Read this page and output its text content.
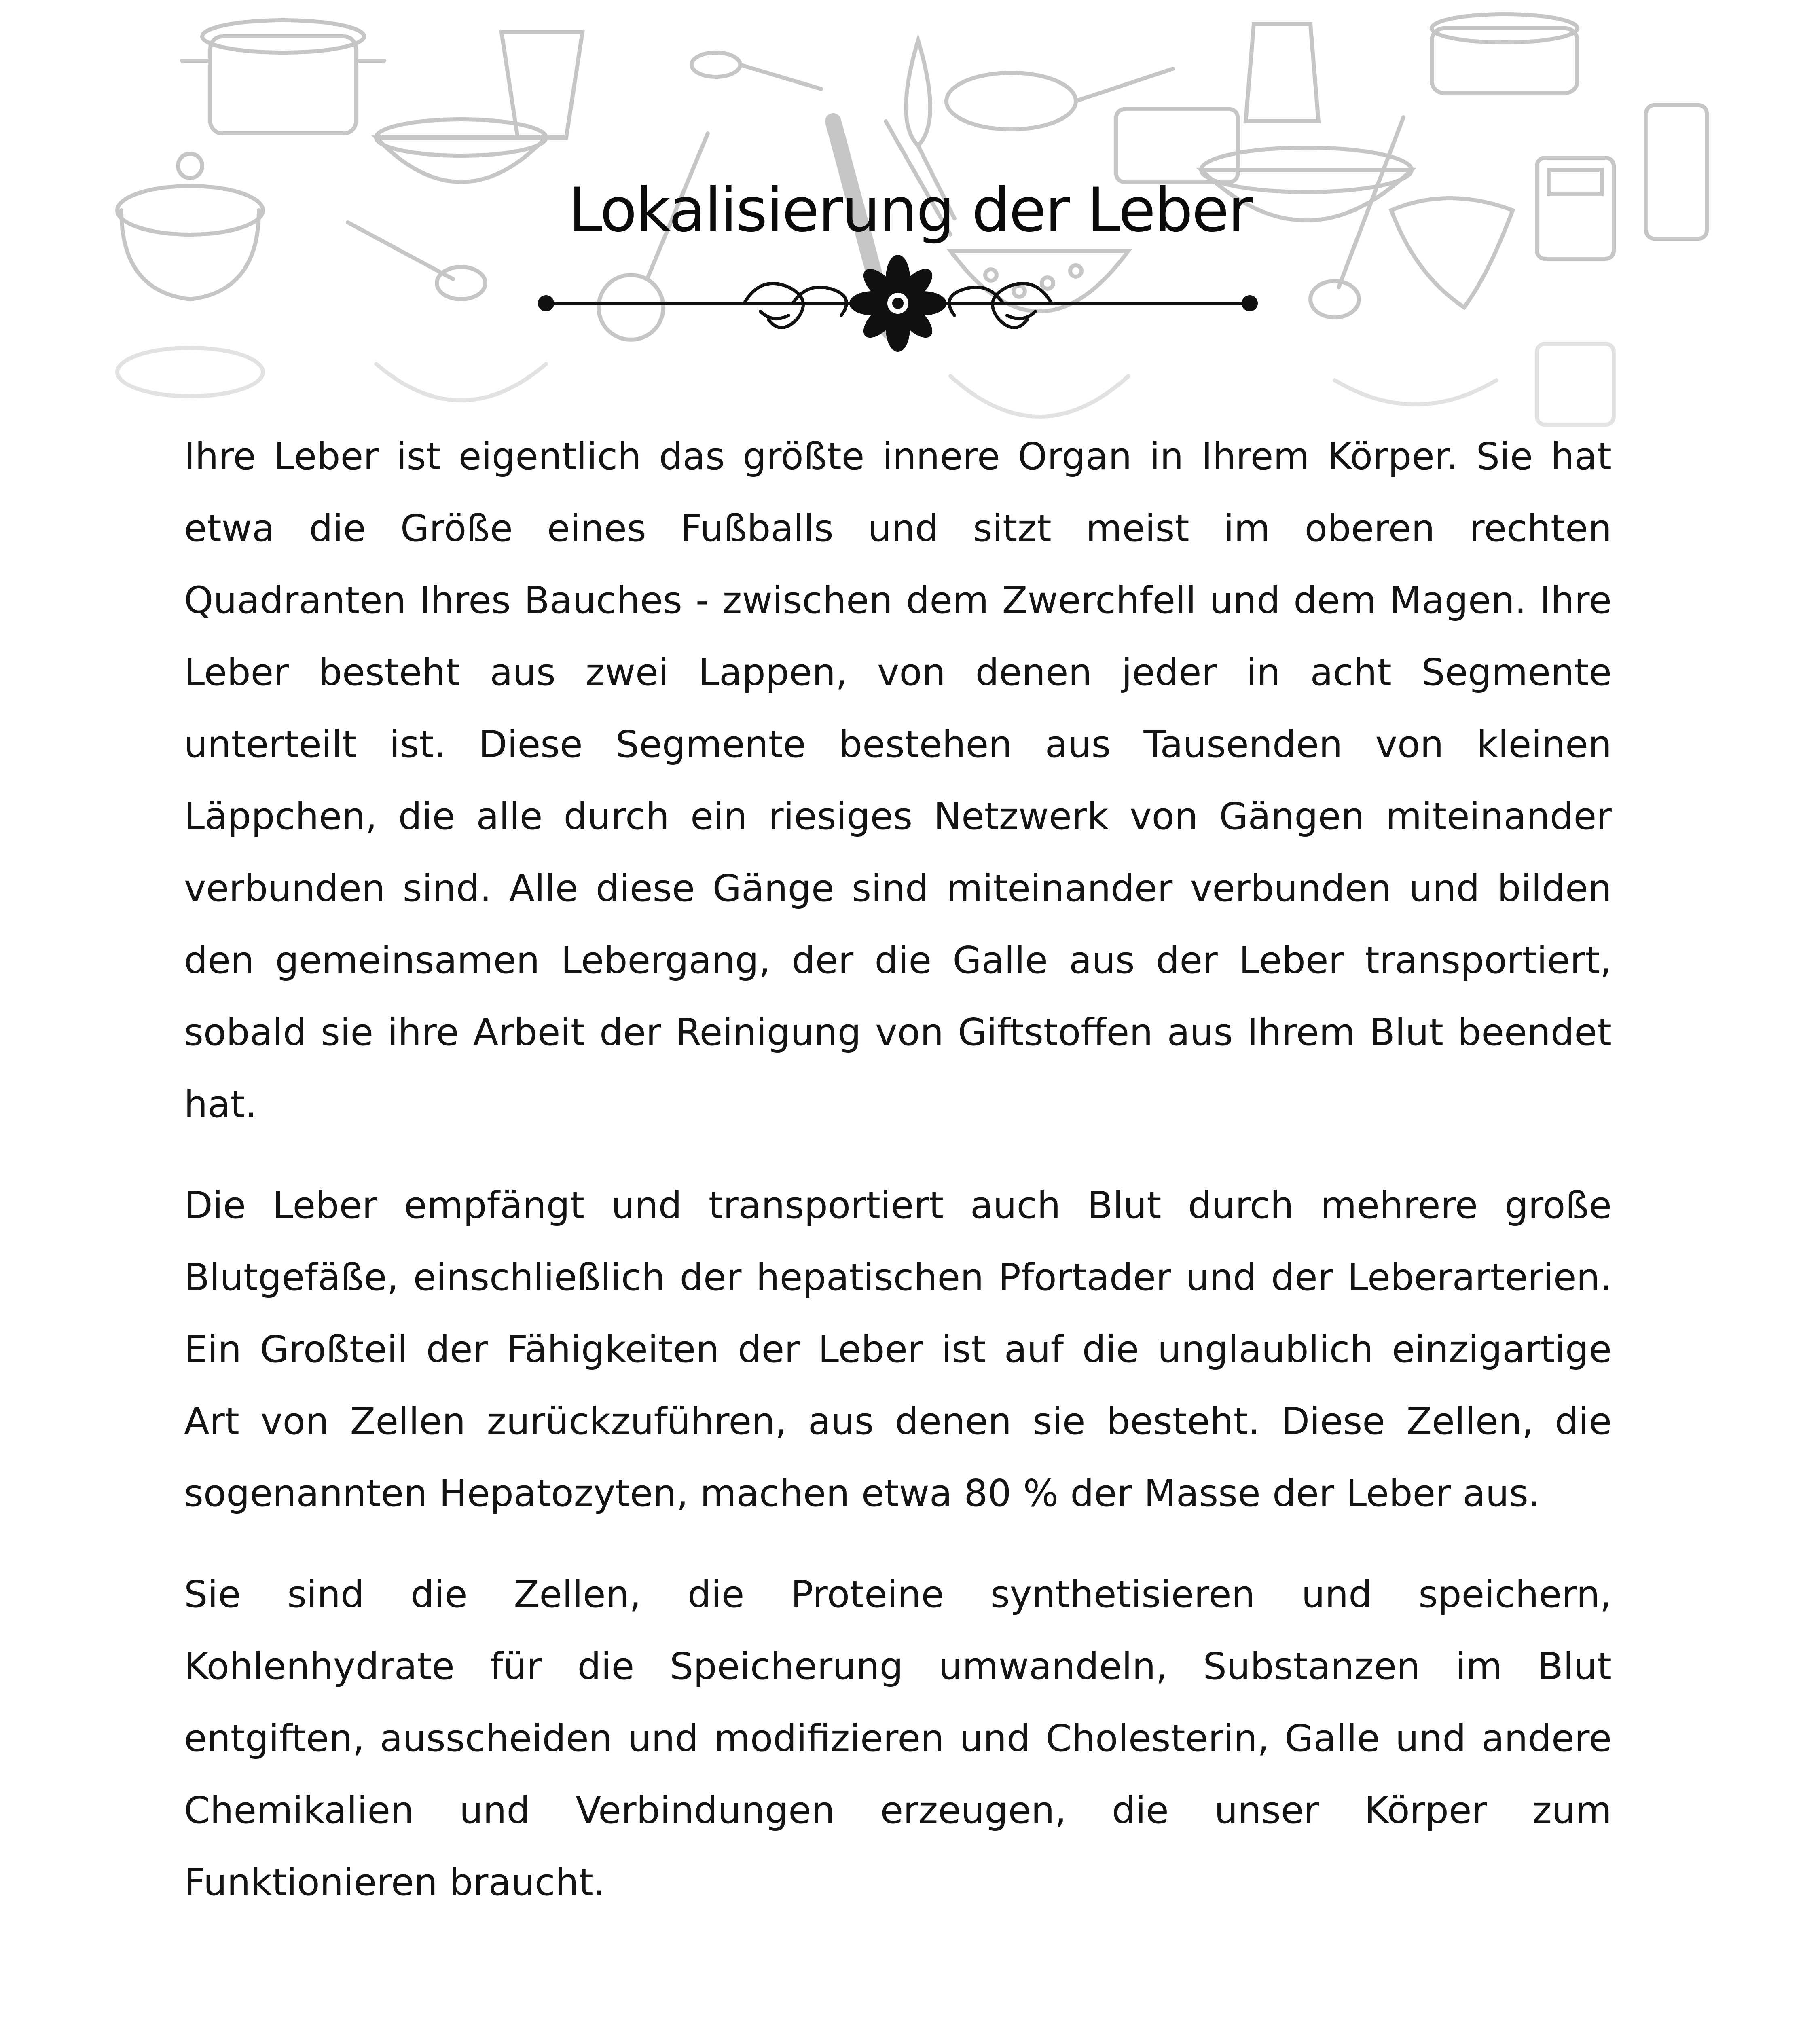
Lokalisierung der Leber

Ihre Leber ist eigentlich das größte innere Organ in Ihrem Körper. Sie hat etwa die Größe eines Fußballs und sitzt meist im oberen rechten Quadranten Ihres Bauches - zwischen dem Zwerchfell und dem Magen. Ihre Leber besteht aus zwei Lappen, von denen jeder in acht Segmente unterteilt ist. Diese Segmente bestehen aus Tausenden von kleinen Läppchen, die alle durch ein riesiges Netzwerk von Gängen miteinander verbunden sind. Alle diese Gänge sind miteinander verbunden und bilden den gemeinsamen Lebergang, der die Galle aus der Leber transportiert, sobald sie ihre Arbeit der Reinigung von Giftstoffen aus Ihrem Blut beendet hat.

Die Leber empfängt und transportiert auch Blut durch mehrere große Blutgefäße, einschließlich der hepatischen Pfortader und der Leberarterien. Ein Großteil der Fähigkeiten der Leber ist auf die unglaublich einzigartige Art von Zellen zurückzuführen, aus denen sie besteht. Diese Zellen, die sogenannten Hepatozyten, machen etwa 80 % der Masse der Leber aus.

Sie sind die Zellen, die Proteine synthetisieren und speichern, Kohlenhydrate für die Speicherung umwandeln, Substanzen im Blut entgiften, ausscheiden und modifizieren und Cholesterin, Galle und andere Chemikalien und Verbindungen erzeugen, die unser Körper zum Funktionieren braucht.
